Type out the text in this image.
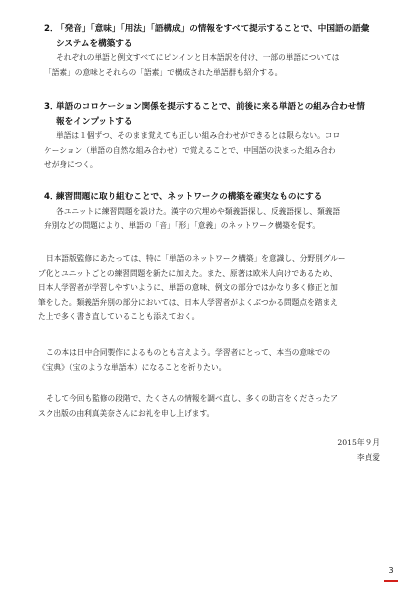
2．「発音」「意味」「用法」「語構成」の情報をすべて提示することで、中国語の語彙
システムを構築する
それぞれの単語と例文すべてにピンインと日本語訳を付け、一部の単語については
「語素」の意味とそれらの「語素」で構成された単語群も紹介する。
3．単語のコロケーション関係を提示することで、前後に来る単語との組み合わせ情
報をインプットする
単語は１個ずつ、そのまま覚えても正しい組み合わせができるとは限らない。コロ
ケーション（単語の自然な組み合わせ）で覚えることで、中国語の決まった組み合わ
せが身につく。
4．練習問題に取り組むことで、ネットワークの構築を確実なものにする
各ユニットに練習問題を設けた。漢字の穴埋めや類義語探し、反義語探し、類義語
弁別などの問題により、単語の「音」「形」「意義」のネットワーク構築を促す。
日本語版監修にあたっては、特に「単語のネットワーク構築」を意識し、分野別グルー
プ化とユニットごとの練習問題を新たに加えた。また、原著は欧米人向けであるため、
日本人学習者が学習しやすいように、単語の意味、例文の部分ではかなり多く修正と加
筆をした。類義語弁別の部分においては、日本人学習者がよくぶつかる問題点を踏まえ
た上で多く書き直していることも添えておく。
この本は日中合同製作によるものとも言えよう。学習者にとって、本当の意味での
《宝典》（宝のような単語本）になることを祈りたい。
そして今回も監修の段階で、たくさんの情報を調べ直し、多くの助言をくださったア
スク出版の由利真美奈さんにお礼を申し上げます。
2015年９月
李貞愛
3
